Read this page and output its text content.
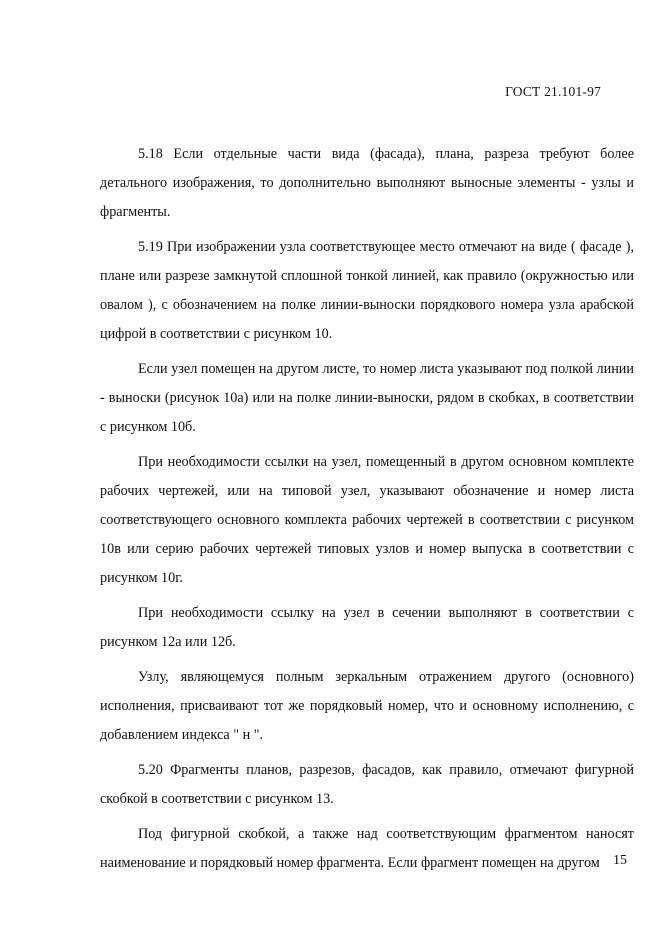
ГОСТ 21.101-97

5.18 Если отдельные части вида (фасада), плана, разреза требуют более детального изображения, то дополнительно выполняют выносные элементы - узлы и фрагменты.

5.19 При изображении узла соответствующее место отмечают на виде ( фасаде ), плане или разрезе замкнутой сплошной тонкой линией, как правило (окружностью или овалом ), с обозначением на полке линии-выноски порядкового номера узла арабской цифрой в соответствии с рисунком 10.

Если узел помещен на другом листе, то номер листа указывают под полкой линии - выноски (рисунок 10а) или на полке линии-выноски, рядом в скобках, в соответствии с рисунком 10б.

При необходимости ссылки на узел, помещенный в другом основном комплекте рабочих чертежей, или на типовой узел, указывают обозначение и номер листа соответствующего основного комплекта рабочих чертежей в соответствии с рисунком 10в или серию рабочих чертежей типовых узлов и номер выпуска в соответствии с рисунком 10г.

При необходимости ссылку на узел в сечении выполняют в соответствии с рисунком 12а или 12б.

Узлу, являющемуся полным зеркальным отражением другого (основного) исполнения, присваивают тот же порядковый номер, что и основному исполнению, с добавлением индекса " н ".

5.20 Фрагменты планов, разрезов, фасадов, как правило, отмечают фигурной скобкой в соответствии с рисунком 13.

Под фигурной скобкой, а также над соответствующим фрагментом наносят наименование и порядковый номер фрагмента. Если фрагмент помещен на другом 15
